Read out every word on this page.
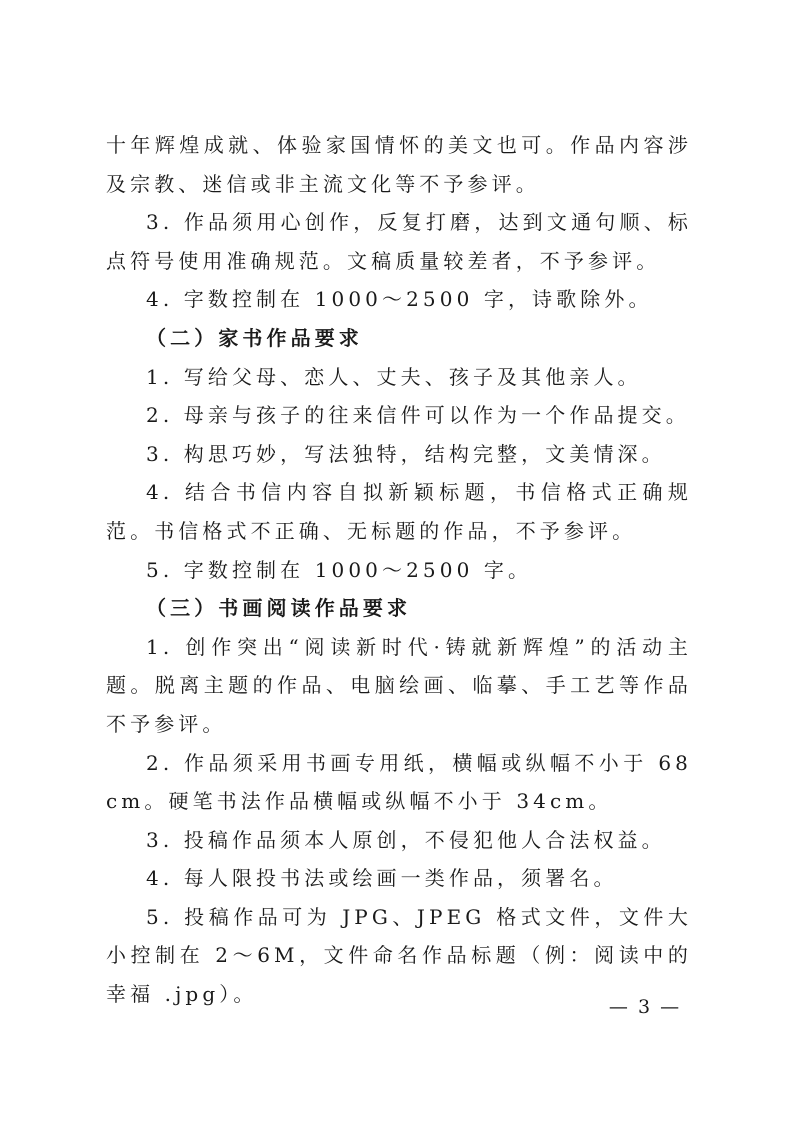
十年辉煌成就、体验家国情怀的美文也可。作品内容涉及宗教、迷信或非主流文化等不予参评。

3. 作品须用心创作，反复打磨，达到文通句顺、标点符号使用准确规范。文稿质量较差者，不予参评。

4. 字数控制在 1000～2500 字，诗歌除外。

（二）家书作品要求

1. 写给父母、恋人、丈夫、孩子及其他亲人。

2. 母亲与孩子的往来信件可以作为一个作品提交。

3. 构思巧妙，写法独特，结构完整，文美情深。

4. 结合书信内容自拟新颖标题，书信格式正确规范。书信格式不正确、无标题的作品，不予参评。

5. 字数控制在 1000～2500 字。

（三）书画阅读作品要求

1. 创作突出“阅读新时代·铸就新辉煌”的活动主题。脱离主题的作品、电脑绘画、临摹、手工艺等作品不予参评。

2. 作品须采用书画专用纸，横幅或纵幅不小于 68cm。硬笔书法作品横幅或纵幅不小于 34cm。

3. 投稿作品须本人原创，不侵犯他人合法权益。

4. 每人限投书法或绘画一类作品，须署名。

5. 投稿作品可为 JPG、JPEG 格式文件，文件大小控制在 2～6M，文件命名作品标题（例：阅读中的幸福 .jpg）。

— 3 —
